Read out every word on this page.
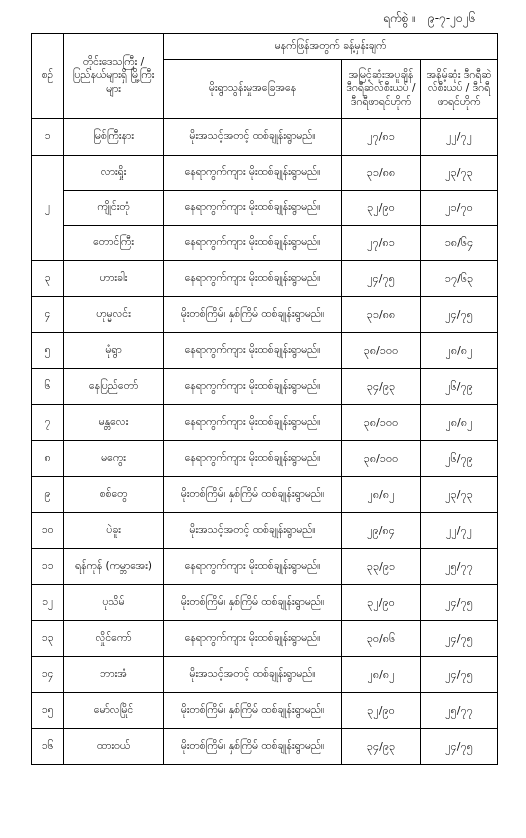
ရက်စွဲ ။ ၉-၇-၂၀၂၆
စဉ်	တိုင်းဒေသကြီး / ပြည်နယ်များရှိ မြို့ကြီးများ	မနက်ဖြန်အတွက် ခန့်မှန်းချက်		
		မိုးရွာသွန်းမှုအခြေအနေ	အမြင့်ဆုံးအပူချိန် ဒီဂရီဆဲလ်စီးယပ် /ဒီဂရီဖာရင်ဟိုက်	အနိမ့်ဆုံး ဒီဂရီဆဲလ်စီးယပ် / ဒီဂရီဖာရင်ဟိုက်
၁	မြစ်ကြီးနား	မိုးအသင့်အတင့် ထစ်ချုန်းရွာမည်။	၂၇/၈၁	၂၂/၇၂
၂	လားရှိုး	နေရာကွက်ကျား မိုးထစ်ချုန်းရွာမည်။	၃၁/၈၈	၂၃/၇၃
	ကျိုင်းတုံ	နေရာကွက်ကျား မိုးထစ်ချုန်းရွာမည်။	၃၂/၉၀	၂၁/၇၀
	တောင်ကြီး	နေရာကွက်ကျား မိုးထစ်ချုန်းရွာမည်။	၂၇/၈၁	၁၈/၆၄
၃	ဟားခါး	နေရာကွက်ကျား မိုးထစ်ချုန်းရွာမည်။	၂၄/၇၅	၁၇/၆၃
၄	ဟုမ္မလင်း	မိုးတစ်ကြိမ်၊ နှစ်ကြိမ် ထစ်ချုန်းရွာမည်။	၃၁/၈၈	၂၄/၇၅
၅	မုံရွာ	နေရာကွက်ကျား မိုးထစ်ချုန်းရွာမည်။	၃၈/၁၀၀	၂၈/၈၂
၆	နေပြည်တော်	နေရာကွက်ကျား မိုးထစ်ချုန်းရွာမည်။	၃၄/၉၃	၂၆/၇၉
၇	မန္တလေး	နေရာကွက်ကျား မိုးထစ်ချုန်းရွာမည်။	၃၈/၁၀၀	၂၈/၈၂
၈	မကွေး	နေရာကွက်ကျား မိုးထစ်ချုန်းရွာမည်။	၃၈/၁၀၀	၂၆/၇၉
၉	စစ်တွေ	မိုးတစ်ကြိမ်၊ နှစ်ကြိမ် ထစ်ချုန်းရွာမည်။	၂၈/၈၂	၂၃/၇၃
၁၀	ပဲခူး	မိုးအသင့်အတင့် ထစ်ချုန်းရွာမည်။	၂၉/၈၄	၂၂/၇၂
၁၁	ရန်ကုန် (ကမ္ဘာအေး)	နေရာကွက်ကျား မိုးထစ်ချုန်းရွာမည်။	၃၃/၉၁	၂၅/၇၇
၁၂	ပုသိမ်	မိုးတစ်ကြိမ်၊ နှစ်ကြိမ် ထစ်ချုန်းရွာမည်။	၃၂/၉၀	၂၄/၇၅
၁၃	လှိုင်ကော်	နေရာကွက်ကျား မိုးထစ်ချုန်းရွာမည်။	၃၀/၈၆	၂၄/၇၅
၁၄	ဘားအံ	မိုးအသင့်အတင့် ထစ်ချုန်းရွာမည်။	၂၈/၈၂	၂၄/၇၅
၁၅	မော်လမြိုင်	မိုးတစ်ကြိမ်၊ နှစ်ကြိမ် ထစ်ချုန်းရွာမည်။	၃၂/၉၀	၂၅/၇၇
၁၆	ထားဝယ်	မိုးတစ်ကြိမ်၊ နှစ်ကြိမ် ထစ်ချုန်းရွာမည်။	၃၄/၉၃	၂၄/၇၅
